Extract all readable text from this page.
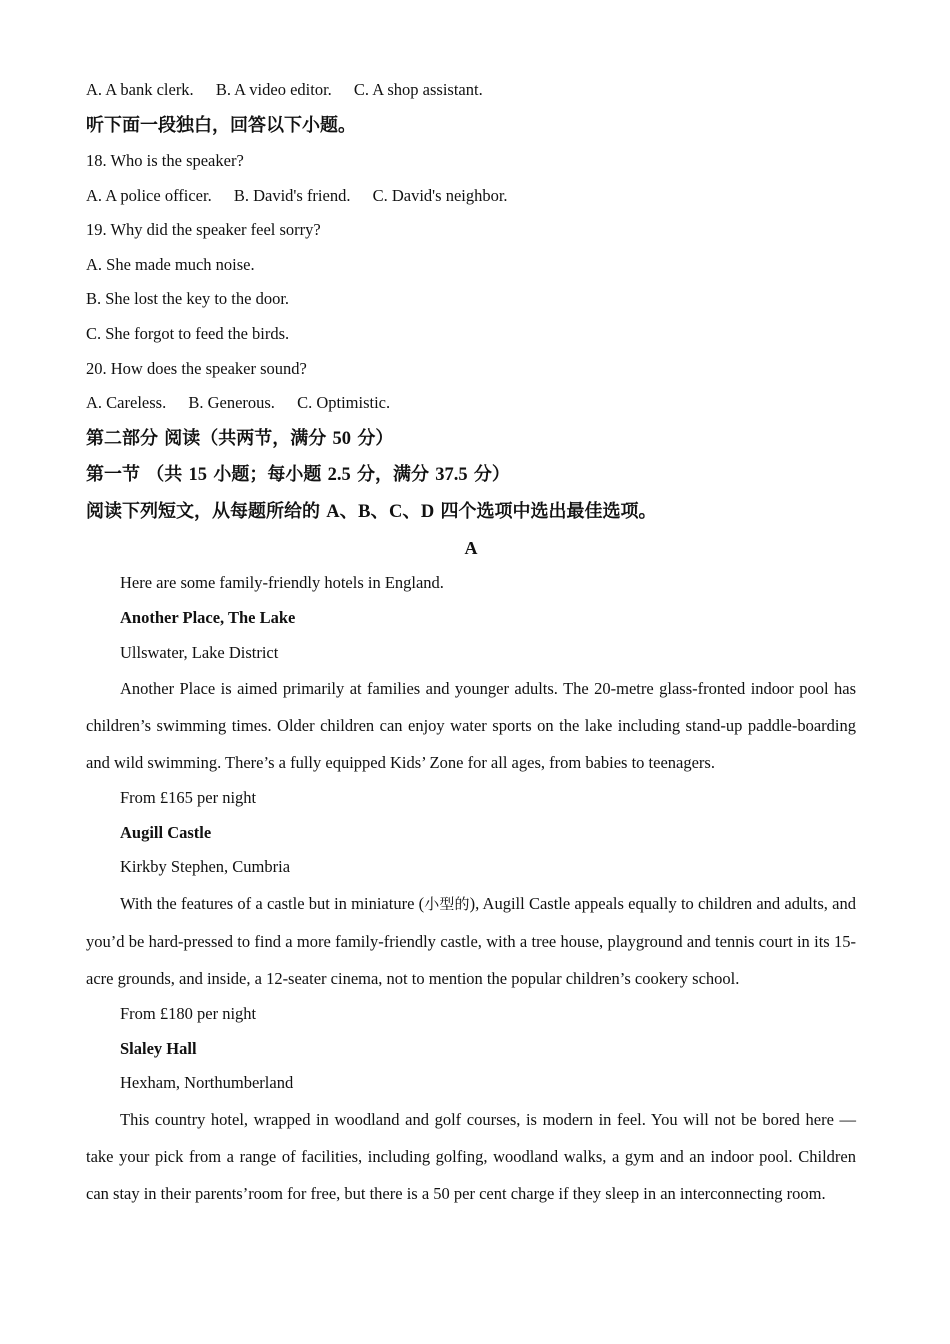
A. A bank clerk. B. A video editor. C. A shop assistant.
听下面一段独白，回答以下小题。
18. Who is the speaker?
A. A police officer. B. David's friend. C. David's neighbor.
19. Why did the speaker feel sorry?
A. She made much noise.
B. She lost the key to the door.
C. She forgot to feed the birds.
20. How does the speaker sound?
A. Careless. B. Generous. C. Optimistic.
第二部分 阅读（共两节，满分 50 分）
第一节 （共 15 小题；每小题 2.5 分，满分 37.5 分）
阅读下列短文，从每题所给的 A、B、C、D 四个选项中选出最佳选项。
A
Here are some family-friendly hotels in England.
Another Place, The Lake
Ullswater, Lake District

Another Place is aimed primarily at families and younger adults. The 20-metre glass-fronted indoor pool has children’s swimming times. Older children can enjoy water sports on the lake including stand-up paddle-boarding and wild swimming. There’s a fully equipped Kids’ Zone for all ages, from babies to teenagers.

From £165 per night
Augill Castle
Kirkby Stephen, Cumbria

With the features of a castle but in miniature (小型的), Augill Castle appeals equally to children and adults, and you’d be hard-pressed to find a more family-friendly castle, with a tree house, playground and tennis court in its 15-acre grounds, and inside, a 12-seater cinema, not to mention the popular children’s cookery school.

From £180 per night
Slaley Hall
Hexham, Northumberland

This country hotel, wrapped in woodland and golf courses, is modern in feel. You will not be bored here — take your pick from a range of facilities, including golfing, woodland walks, a gym and an indoor pool. Children can stay in their parents’room for free, but there is a 50 per cent charge if they sleep in an interconnecting room.
